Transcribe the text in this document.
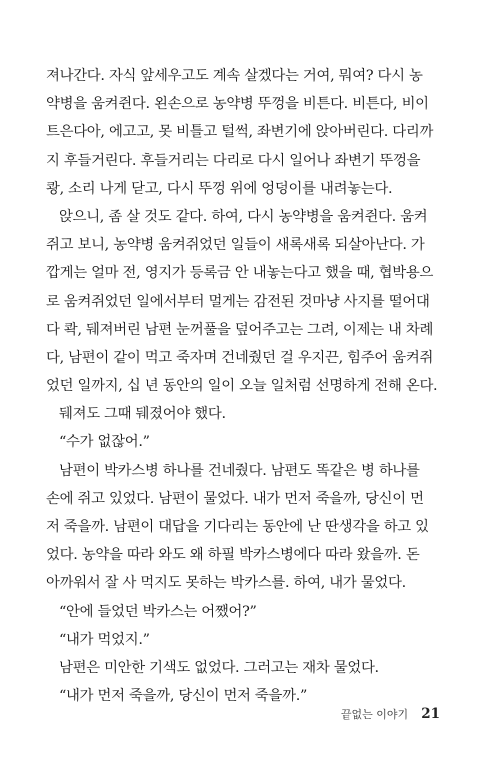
져나간다. 자식 앞세우고도 계속 살겠다는 거여, 뭐여? 다시 농
약병을 움켜쥔다. 왼손으로 농약병 뚜껑을 비튼다. 비튼다, 비이
트은다아, 에고고, 못 비틀고 털썩, 좌변기에 앉아버린다. 다리까
지 후들거린다. 후들거리는 다리로 다시 일어나 좌변기 뚜껑을
쾅, 소리 나게 닫고, 다시 뚜껑 위에 엉덩이를 내려놓는다.
앉으니, 좀 살 것도 같다. 하여, 다시 농약병을 움켜쥔다. 움켜
쥐고 보니, 농약병 움켜쥐었던 일들이 새록새록 되살아난다. 가
깝게는 얼마 전, 영지가 등록금 안 내놓는다고 했을 때, 협박용으
로 움켜쥐었던 일에서부터 멀게는 감전된 것마냥 사지를 떨어대
다 콱, 뒈져버린 남편 눈꺼풀을 덮어주고는 그려, 이제는 내 차례
다, 남편이 같이 먹고 죽자며 건네줬던 걸 우지끈, 힘주어 움켜쥐
었던 일까지, 십 년 동안의 일이 오늘 일처럼 선명하게 전해 온다.
뒈져도 그때 뒈졌어야 했다.
“수가 없잖어.”
남편이 박카스병 하나를 건네줬다. 남편도 똑같은 병 하나를
손에 쥐고 있었다. 남편이 물었다. 내가 먼저 죽을까, 당신이 먼
저 죽을까. 남편이 대답을 기다리는 동안에 난 딴생각을 하고 있
었다. 농약을 따라 와도 왜 하필 박카스병에다 따라 왔을까. 돈
아까워서 잘 사 먹지도 못하는 박카스를. 하여, 내가 물었다.
“안에 들었던 박카스는 어쨌어?”
“내가 먹었지.”
남편은 미안한 기색도 없었다. 그러고는 재차 물었다.
“내가 먼저 죽을까, 당신이 먼저 죽을까.”
끝없는 이야기 21
